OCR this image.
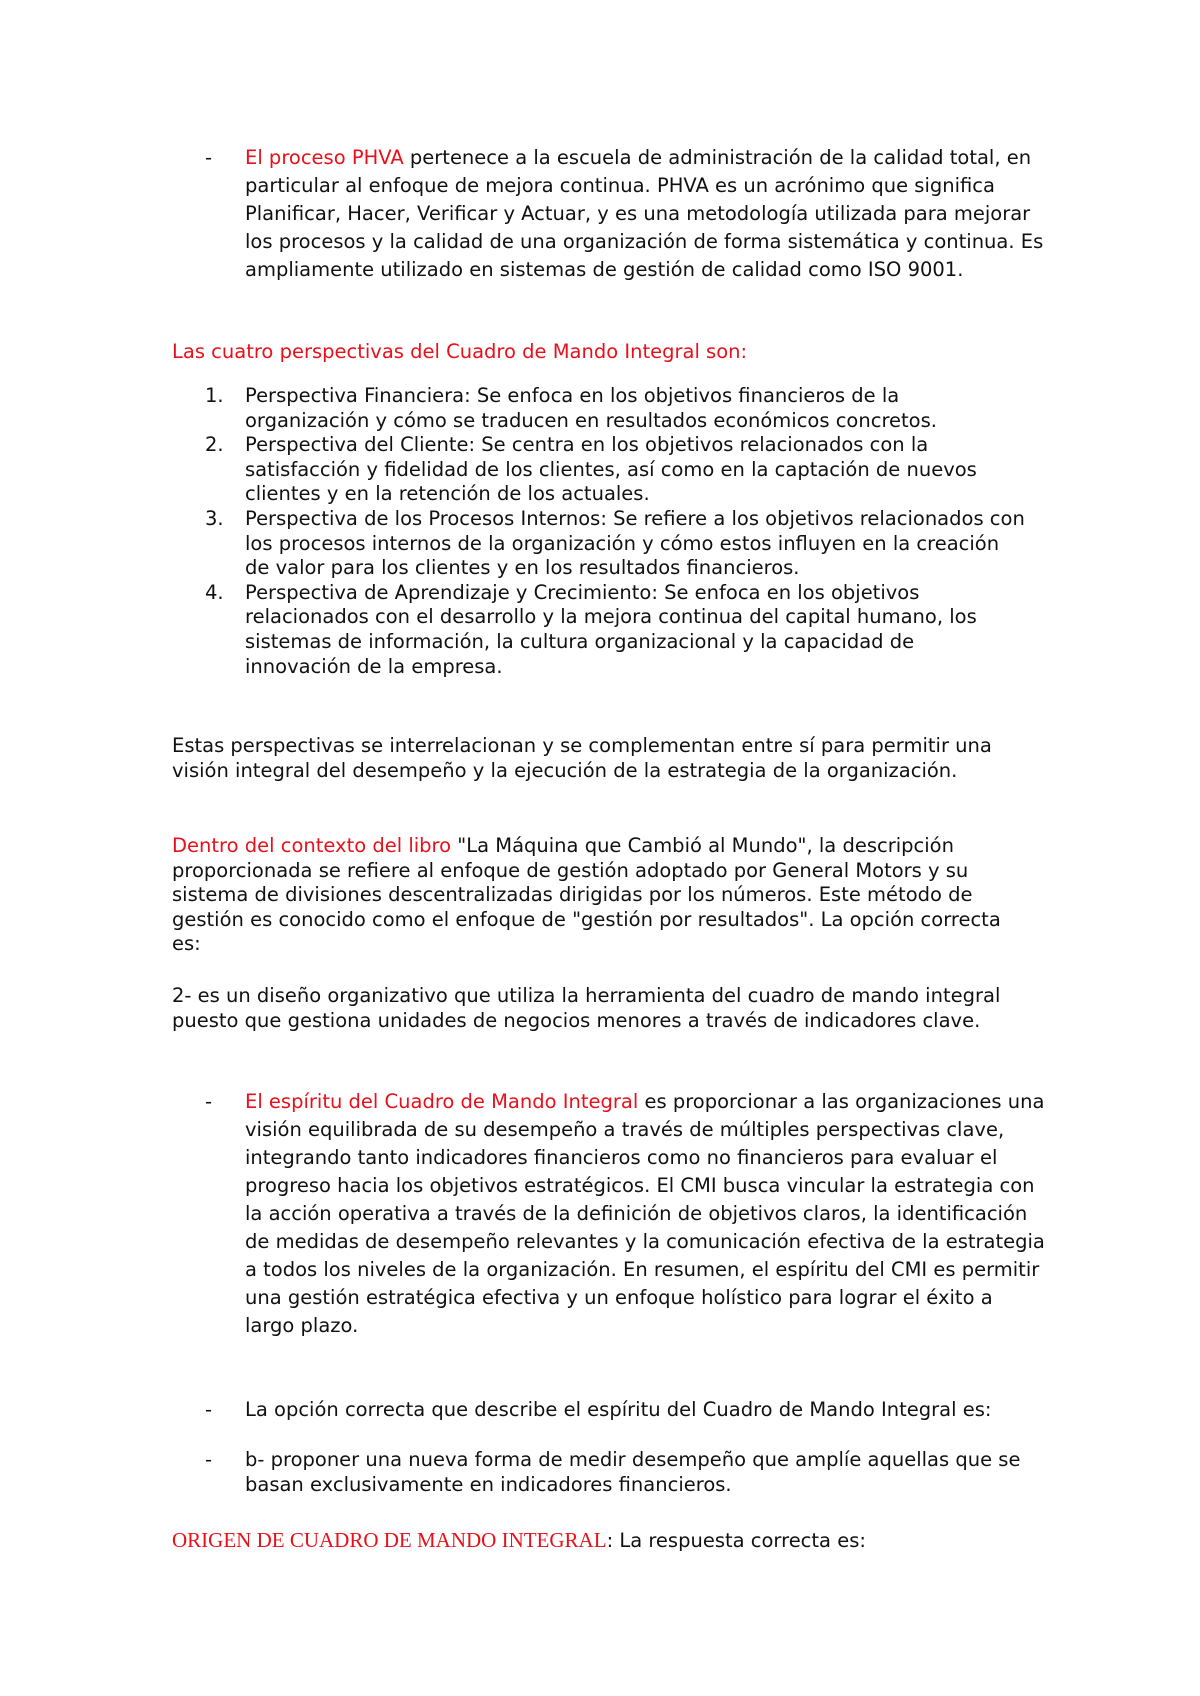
-	El proceso PHVA pertenece a la escuela de administración de la calidad total, en particular al enfoque de mejora continua. PHVA es un acrónimo que significa Planificar, Hacer, Verificar y Actuar, y es una metodología utilizada para mejorar los procesos y la calidad de una organización de forma sistemática y continua. Es ampliamente utilizado en sistemas de gestión de calidad como ISO 9001.

Las cuatro perspectivas del Cuadro de Mando Integral son:

1.	Perspectiva Financiera: Se enfoca en los objetivos financieros de la organización y cómo se traducen en resultados económicos concretos.
2.	Perspectiva del Cliente: Se centra en los objetivos relacionados con la satisfacción y fidelidad de los clientes, así como en la captación de nuevos clientes y en la retención de los actuales.
3.	Perspectiva de los Procesos Internos: Se refiere a los objetivos relacionados con los procesos internos de la organización y cómo estos influyen en la creación de valor para los clientes y en los resultados financieros.
4.	Perspectiva de Aprendizaje y Crecimiento: Se enfoca en los objetivos relacionados con el desarrollo y la mejora continua del capital humano, los sistemas de información, la cultura organizacional y la capacidad de innovación de la empresa.

Estas perspectivas se interrelacionan y se complementan entre sí para permitir una visión integral del desempeño y la ejecución de la estrategia de la organización.

Dentro del contexto del libro "La Máquina que Cambió al Mundo", la descripción proporcionada se refiere al enfoque de gestión adoptado por General Motors y su sistema de divisiones descentralizadas dirigidas por los números. Este método de gestión es conocido como el enfoque de "gestión por resultados". La opción correcta es:

2- es un diseño organizativo que utiliza la herramienta del cuadro de mando integral puesto que gestiona unidades de negocios menores a través de indicadores clave.

-	El espíritu del Cuadro de Mando Integral es proporcionar a las organizaciones una visión equilibrada de su desempeño a través de múltiples perspectivas clave, integrando tanto indicadores financieros como no financieros para evaluar el progreso hacia los objetivos estratégicos. El CMI busca vincular la estrategia con la acción operativa a través de la definición de objetivos claros, la identificación de medidas de desempeño relevantes y la comunicación efectiva de la estrategia a todos los niveles de la organización. En resumen, el espíritu del CMI es permitir una gestión estratégica efectiva y un enfoque holístico para lograr el éxito a largo plazo.

-	La opción correcta que describe el espíritu del Cuadro de Mando Integral es:

-	b- proponer una nueva forma de medir desempeño que amplíe aquellas que se basan exclusivamente en indicadores financieros.

ORIGEN DE CUADRO DE MANDO INTEGRAL: La respuesta correcta es:
